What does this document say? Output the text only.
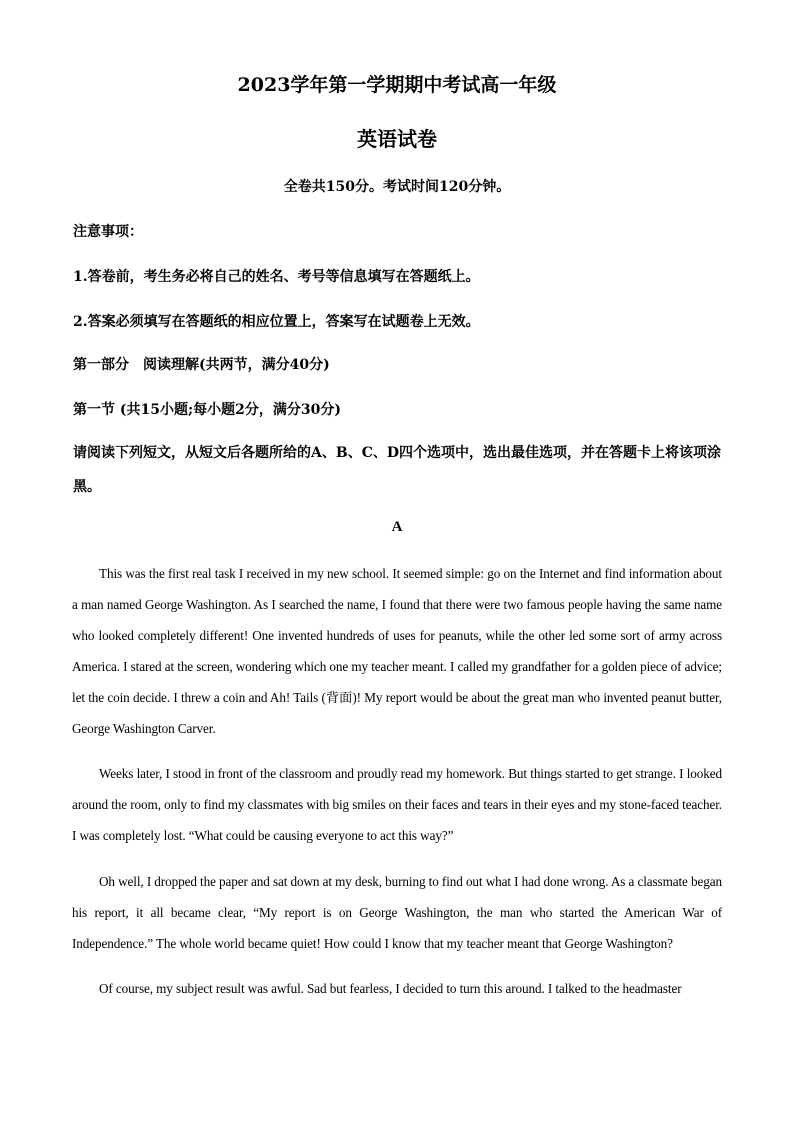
2023学年第一学期期中考试高一年级
英语试卷

全卷共150分。考试时间120分钟。

注意事项：

1.答卷前，考生务必将自己的姓名、考号等信息填写在答题纸上。

2.答案必须填写在答题纸的相应位置上，答案写在试题卷上无效。

第一部分　阅读理解(共两节，满分40分)

第一节 (共15小题;每小题2分，满分30分)

请阅读下列短文，从短文后各题所给的A、B、C、D四个选项中，选出最佳选项，并在答题卡上将该项涂黑。

A

This was the first real task I received in my new school. It seemed simple: go on the Internet and find information about a man named George Washington. As I searched the name, I found that there were two famous people having the same name who looked completely different! One invented hundreds of uses for peanuts, while the other led some sort of army across America. I stared at the screen, wondering which one my teacher meant. I called my grandfather for a golden piece of advice; let the coin decide. I threw a coin and Ah! Tails (背面)! My report would be about the great man who invented peanut butter, George Washington Carver.

Weeks later, I stood in front of the classroom and proudly read my homework. But things started to get strange. I looked around the room, only to find my classmates with big smiles on their faces and tears in their eyes and my stone-faced teacher. I was completely lost. “What could be causing everyone to act this way?”

Oh well, I dropped the paper and sat down at my desk, burning to find out what I had done wrong. As a classmate began his report, it all became clear, “My report is on George Washington, the man who started the American War of Independence.” The whole world became quiet! How could I know that my teacher meant that George Washington?

Of course, my subject result was awful. Sad but fearless, I decided to turn this around. I talked to the headmaster
